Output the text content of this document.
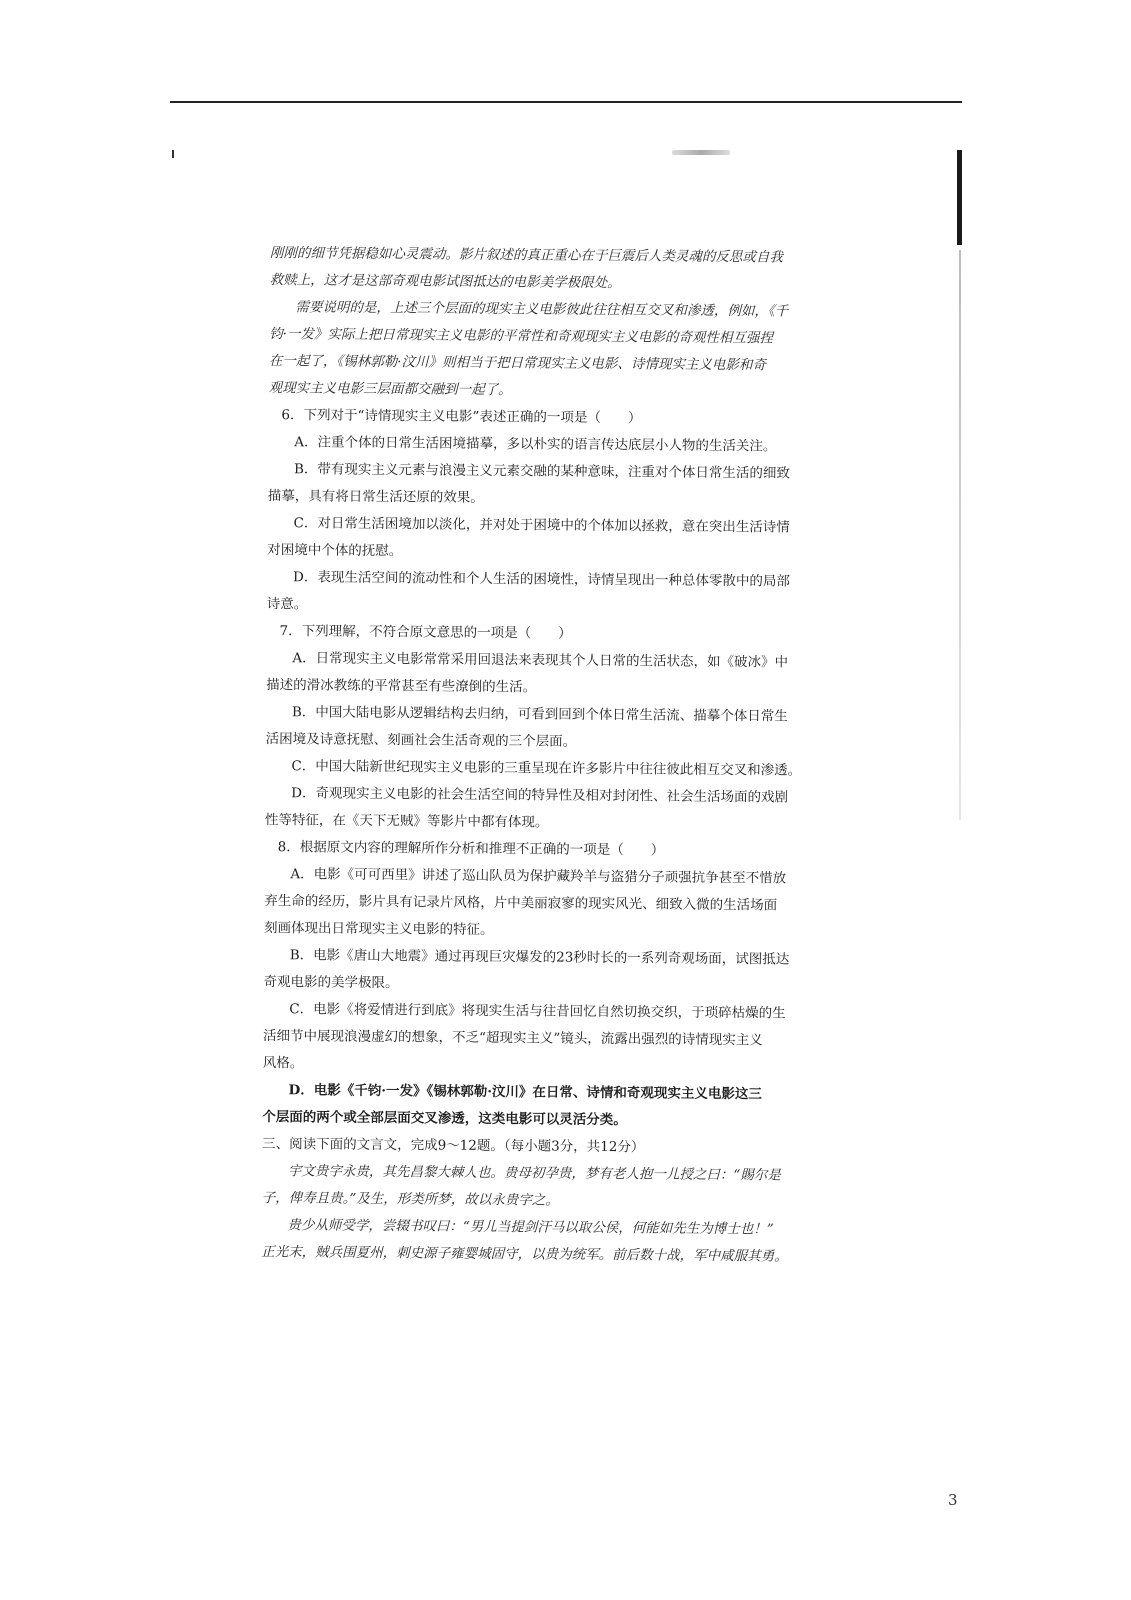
刚刚的细节凭据稳如心灵震动。影片叙述的真正重心在于巨震后人类灵魂的反思或自我
救赎上，这才是这部奇观电影试图抵达的电影美学极限处。
需要说明的是，上述三个层面的现实主义电影彼此往往相互交叉和渗透，例如，《千
钧·一发》实际上把日常现实主义电影的平常性和奇观现实主义电影的奇观性相互强捏
在一起了，《锡林郭勒·汶川》则相当于把日常现实主义电影、诗情现实主义电影和奇
观现实主义电影三层面都交融到一起了。
6．下列对于“诗情现实主义电影”表述正确的一项是（　　）
A．注重个体的日常生活困境描摹，多以朴实的语言传达底层小人物的生活关注。
B．带有现实主义元素与浪漫主义元素交融的某种意味，注重对个体日常生活的细致
描摹，具有将日常生活还原的效果。
C．对日常生活困境加以淡化，并对处于困境中的个体加以拯救，意在突出生活诗情
对困境中个体的抚慰。
D．表现生活空间的流动性和个人生活的困境性，诗情呈现出一种总体零散中的局部
诗意。
7．下列理解，不符合原文意思的一项是（　　）
A．日常现实主义电影常常采用回退法来表现其个人日常的生活状态，如《破冰》中
描述的滑冰教练的平常甚至有些潦倒的生活。
B．中国大陆电影从逻辑结构去归纳，可看到回到个体日常生活流、描摹个体日常生
活困境及诗意抚慰、刻画社会生活奇观的三个层面。
C．中国大陆新世纪现实主义电影的三重呈现在许多影片中往往彼此相互交叉和渗透。
D．奇观现实主义电影的社会生活空间的特异性及相对封闭性、社会生活场面的戏剧
性等特征，在《天下无贼》等影片中都有体现。
8．根据原文内容的理解所作分析和推理不正确的一项是（　　）
A．电影《可可西里》讲述了巡山队员为保护藏羚羊与盗猎分子顽强抗争甚至不惜放
弃生命的经历，影片具有记录片风格，片中美丽寂寥的现实风光、细致入微的生活场面
刻画体现出日常现实主义电影的特征。
B．电影《唐山大地震》通过再现巨灾爆发的23秒时长的一系列奇观场面，试图抵达
奇观电影的美学极限。
C．电影《将爱情进行到底》将现实生活与往昔回忆自然切换交织，于琐碎枯燥的生
活细节中展现浪漫虚幻的想象，不乏“超现实主义”镜头，流露出强烈的诗情现实主义
风格。
D．电影《千钧·一发》《锡林郭勒·汶川》在日常、诗情和奇观现实主义电影这三
个层面的两个或全部层面交叉渗透，这类电影可以灵活分类。
三、阅读下面的文言文，完成9～12题。（每小题3分，共12分）
宇文贵字永贵，其先昌黎大棘人也。贵母初孕贵，梦有老人抱一儿授之曰：“賜尔是
子，俾寿且贵。”及生，形类所梦，故以永贵字之。
贵少从师受学，尝辍书叹曰：“男儿当提剑汗马以取公侯，何能如先生为博士也！”
正光末，贼兵围夏州，刺史源子雍婴城固守，以贵为统军。前后数十战，军中咸服其勇。
3
